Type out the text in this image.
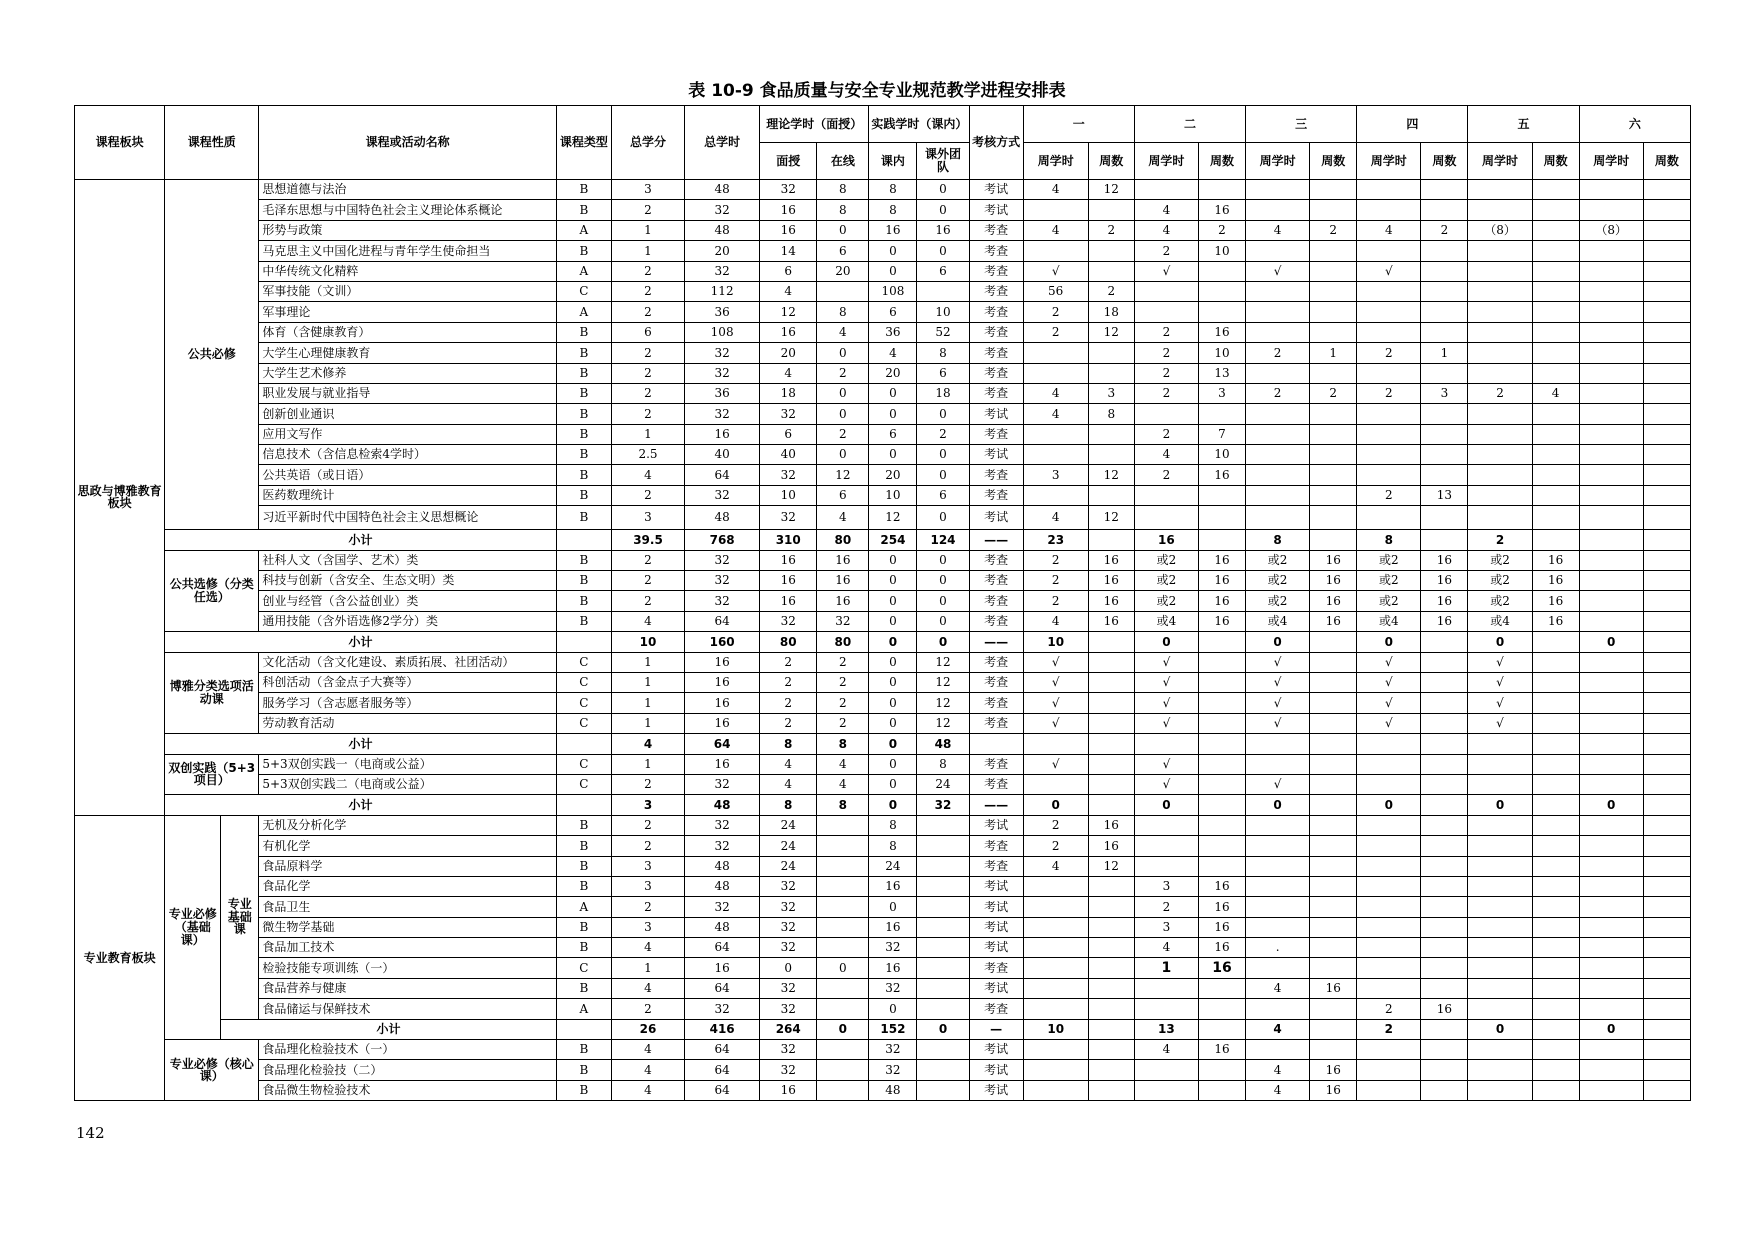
表 10-9 食品质量与安全专业规范教学进程安排表
课程板块	课程性质		课程或活动名称	课程类型	总学分	总学时	理论学时（面授）		实践学时（课内）		考核方式	一		二		三		四		五		六	
							面授	在线	课内	课外团队		周学时	周数	周学时	周数	周学时	周数	周学时	周数	周学时	周数	周学时	周数
思政与博雅教育板块	公共必修		思想道德与法治	B	3	48	32	8	8	0	考试	4	12										
			毛泽东思想与中国特色社会主义理论体系概论	B	2	32	16	8	8	0	考试			4	16								
			形势与政策	A	1	48	16	0	16	16	考查	4	2	4	2	4	2	4	2	（8）		（8）	
			马克思主义中国化进程与青年学生使命担当	B	1	20	14	6	0	0	考查			2	10								
			中华传统文化精粹	A	2	32	6	20	0	6	考查	√		√		√		√					
			军事技能（文训）	C	2	112	4		108		考查	56	2										
			军事理论	A	2	36	12	8	6	10	考查	2	18										
			体育（含健康教育）	B	6	108	16	4	36	52	考查	2	12	2	16								
			大学生心理健康教育	B	2	32	20	0	4	8	考查			2	10	2	1	2	1				
			大学生艺术修养	B	2	32	4	2	20	6	考查			2	13								
			职业发展与就业指导	B	2	36	18	0	0	18	考查	4	3	2	3	2	2	2	3	2	4		
			创新创业通识	B	2	32	32	0	0	0	考试	4	8										
			应用文写作	B	1	16	6	2	6	2	考查			2	7								
			信息技术（含信息检索4学时）	B	2.5	40	40	0	0	0	考试			4	10								
			公共英语（或日语）	B	4	64	32	12	20	0	考查	3	12	2	16								
			医药数理统计	B	2	32	10	6	10	6	考查							2	13				
			习近平新时代中国特色社会主义思想概论	B	3	48	32	4	12	0	考试	4	12										
	小计				39.5	768	310	80	254	124	——	23		16		8		8		2			
	公共选修（分类任选）		社科人文（含国学、艺术）类	B	2	32	16	16	0	0	考查	2	16	或2	16	或2	16	或2	16	或2	16		
			科技与创新（含安全、生态文明）类	B	2	32	16	16	0	0	考查	2	16	或2	16	或2	16	或2	16	或2	16		
			创业与经管（含公益创业）类	B	2	32	16	16	0	0	考查	2	16	或2	16	或2	16	或2	16	或2	16		
			通用技能（含外语选修2学分）类	B	4	64	32	32	0	0	考查	4	16	或4	16	或4	16	或4	16	或4	16		
	小计				10	160	80	80	0	0	——	10		0		0		0		0		0	
	博雅分类选项活动课		文化活动（含文化建设、素质拓展、社团活动）	C	1	16	2	2	0	12	考查	√		√		√		√		√			
			科创活动（含金点子大赛等）	C	1	16	2	2	0	12	考查	√		√		√		√		√			
			服务学习（含志愿者服务等）	C	1	16	2	2	0	12	考查	√		√		√		√		√			
			劳动教育活动	C	1	16	2	2	0	12	考查	√		√		√		√		√			
	小计				4	64	8	8	0	48													
	双创实践（5+3项目）		5+3双创实践一（电商或公益）	C	1	16	4	4	0	8	考查	√		√									
			5+3双创实践二（电商或公益）	C	2	32	4	4	0	24	考查			√		√							
	小计				3	48	8	8	0	32	——	0		0		0		0		0		0	
专业教育板块	专业必修（基础课）	专业基础课	无机及分析化学	B	2	32	24		8		考试	2	16										
			有机化学	B	2	32	24		8		考查	2	16										
			食品原料学	B	3	48	24		24		考查	4	12										
			食品化学	B	3	48	32		16		考试			3	16								
			食品卫生	A	2	32	32		0		考试			2	16								
			微生物学基础	B	3	48	32		16		考试			3	16								
			食品加工技术	B	4	64	32		32		考试			4	16	.							
			检验技能专项训练（一）	C	1	16	0	0	16		考查			1	16								
			食品营养与健康	B	4	64	32		32		考试					4	16						
			食品储运与保鲜技术	A	2	32	32		0		考查							2	16				
		小计			26	416	264	0	152	0	—	10		13		4		2		0		0	
	专业必修（核心课）		食品理化检验技术（一）	B	4	64	32		32		考试			4	16								
			食品理化检验技（二）	B	4	64	32		32		考试					4	16						
			食品微生物检验技术	B	4	64	16		48		考试					4	16						
142
